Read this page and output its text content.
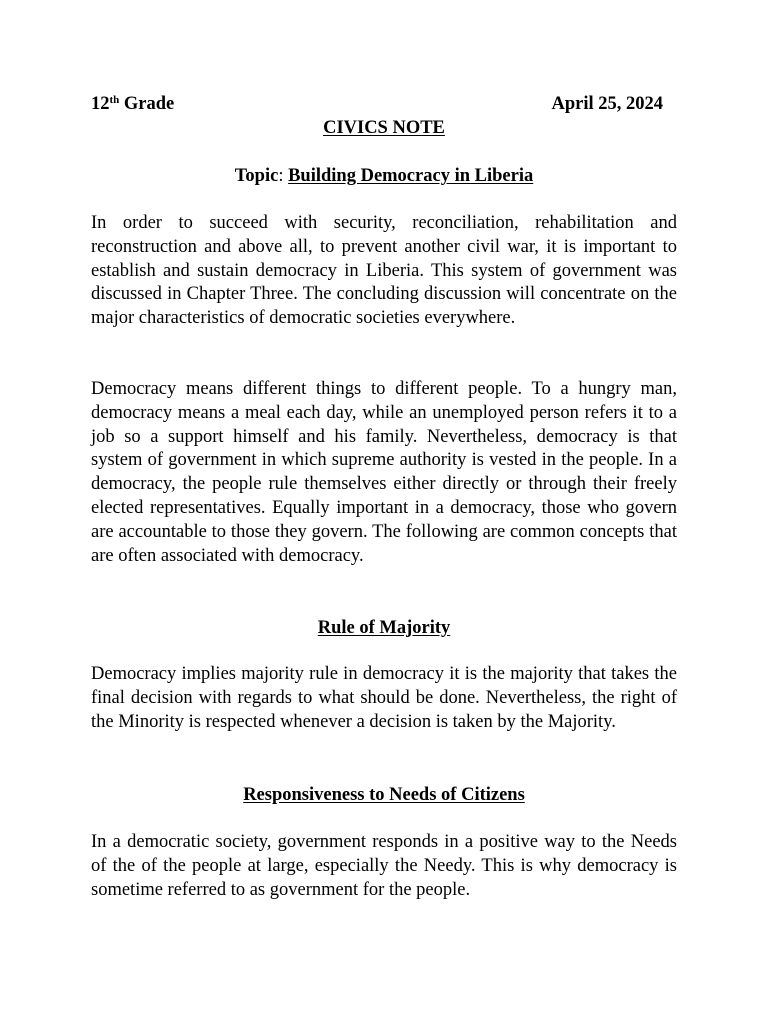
12th Grade	April 25, 2024
CIVICS NOTE
Topic: Building Democracy in Liberia

In order to succeed with security, reconciliation, rehabilitation and reconstruction and above all, to prevent another civil war, it is important to establish and sustain democracy in Liberia. This system of government was discussed in Chapter Three. The concluding discussion will concentrate on the major characteristics of democratic societies everywhere.

Democracy means different things to different people. To a hungry man, democracy means a meal each day, while an unemployed person refers it to a job so a support himself and his family. Nevertheless, democracy is that system of government in which supreme authority is vested in the people. In a democracy, the people rule themselves either directly or through their freely elected representatives. Equally important in a democracy, those who govern are accountable to those they govern. The following are common concepts that are often associated with democracy.

Rule of Majority

Democracy implies majority rule in democracy it is the majority that takes the final decision with regards to what should be done. Nevertheless, the right of the Minority is respected whenever a decision is taken by the Majority.

Responsiveness to Needs of Citizens

In a democratic society, government responds in a positive way to the Needs of the of the people at large, especially the Needy. This is why democracy is sometime referred to as government for the people.
